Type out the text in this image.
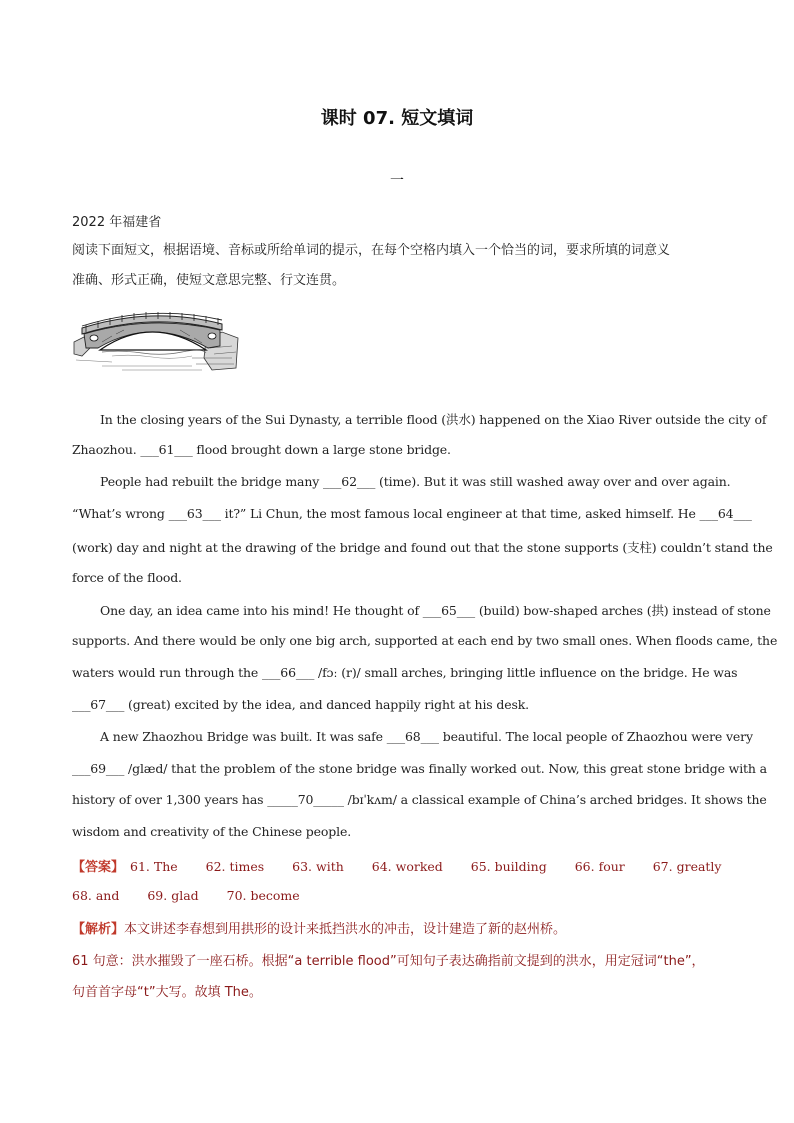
课时 07. 短文填词
一
2022 年福建省
阅读下面短文，根据语境、音标或所给单词的提示，在每个空格内填入一个恰当的词，要求所填的词意义
准确、形式正确，使短文意思完整、行文连贯。
In the closing years of the Sui Dynasty, a terrible flood (洪水) happened on the Xiao River outside the city of
Zhaozhou. ___61___ flood brought down a large stone bridge.
People had rebuilt the bridge many ___62___ (time). But it was still washed away over and over again.
“What’s wrong ___63___ it?” Li Chun, the most famous local engineer at that time, asked himself. He ___64___
(work) day and night at the drawing of the bridge and found out that the stone supports (支柱) couldn’t stand the
force of the flood.
One day, an idea came into his mind! He thought of ___65___ (build) bow-shaped arches (拱) instead of stone
supports. And there would be only one big arch, supported at each end by two small ones. When floods came, the
waters would run through the ___66___ /fɔː (r)/ small arches, bringing little influence on the bridge. He was
___67___ (great) excited by the idea, and danced happily right at his desk.
A new Zhaozhou Bridge was built. It was safe ___68___ beautiful. The local people of Zhaozhou were very
___69___ /glæd/ that the problem of the stone bridge was finally worked out. Now, this great stone bridge with a
history of over 1,300 years has _____70_____ /bɪˈkʌm/ a classical example of China’s arched bridges. It shows the
wisdom and creativity of the Chinese people.
【答案】 61. The 62. times 63. with 64. worked 65. building 66. four 67. greatly
68. and 69. glad 70. become
【解析】本文讲述李春想到用拱形的设计来抵挡洪水的冲击，设计建造了新的赵州桥。
61 句意：洪水摧毁了一座石桥。根据“a terrible flood”可知句子表达确指前文提到的洪水，用定冠词“the”，
句首首字母“t”大写。故填 The。
